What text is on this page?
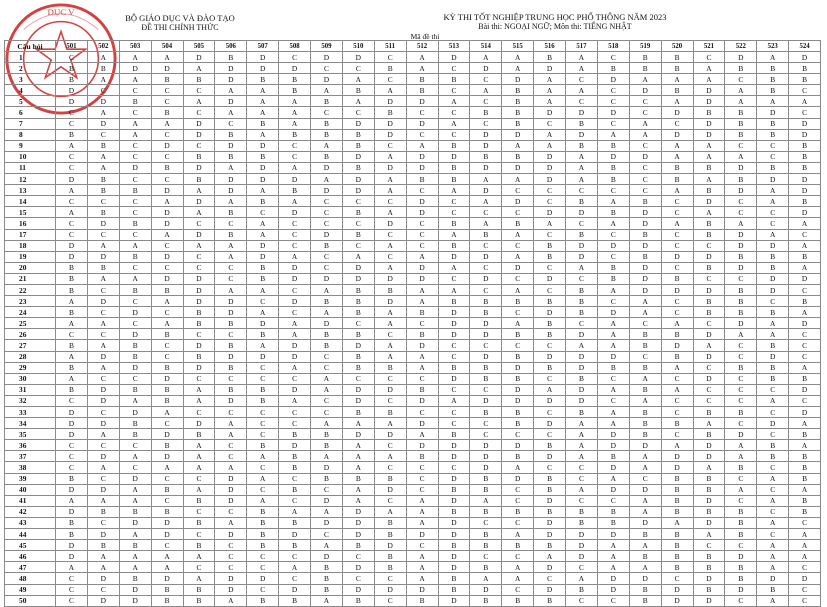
DỤC V
BỘ GIÁO DỤC VÀ ĐÀO TẠO
ĐỀ THI CHÍNH THỨC
KỲ THI TỐT NGHIỆP TRUNG HỌC PHỔ THÔNG NĂM 2023
Bài thi: NGOẠI NGỮ; Môn thi: TIẾNG NHẬT
Mã đề thi
Câu hỏi	501	502	503	504	505	506	507	508	509	510	511	512	513	514	515	516	517	518	519	520	521	522	523	524
1	C	A	A	A	D	B	D	C	D	D	C	A	D	A	A	B	A	C	B	B	C	D	A	D
2	B	B	D	D	A	D	D	D	C	C	B	A	C	D	A	D	A	B	B	B	A	B	B	B
3	B	A	A	B	B	D	B	B	D	A	C	B	B	C	D	A	C	D	A	A	A	C	B	B
4	D	C	C	C	C	A	A	B	A	B	A	B	C	A	B	A	A	C	D	B	D	A	B	C
5	D	D	B	C	A	D	A	A	B	A	D	D	A	C	B	A	C	C	C	A	D	A	A	A
6	C	A	C	B	C	A	A	A	C	C	B	C	C	B	B	D	D	D	C	D	B	B	D	C
7	C	D	A	A	D	C	B	A	B	D	D	D	A	C	B	C	B	C	A	C	D	B	B	D
8	B	C	A	C	D	B	A	B	B	B	D	C	C	D	D	A	D	A	A	D	D	B	B	D
9	A	B	C	D	C	D	D	C	A	B	C	A	B	D	A	A	B	B	C	A	A	C	C	B
10	C	A	C	C	B	B	B	C	B	D	A	D	D	B	B	D	A	D	D	A	A	A	C	B
11	C	A	D	B	D	A	D	A	D	B	D	D	B	D	D	D	A	B	C	B	B	D	B	B
12	D	B	C	C	B	D	D	D	A	D	A	B	B	A	A	D	A	B	C	B	A	B	D	D
13	A	B	B	D	A	D	A	B	D	D	A	C	A	D	C	C	C	C	C	A	B	D	A	D
14	C	C	C	A	D	A	B	A	C	C	C	D	C	A	D	C	B	A	B	C	D	C	A	B
15	A	B	C	D	A	B	C	D	C	B	A	D	C	C	C	D	D	B	D	C	A	C	C	D
16	C	D	B	D	C	C	A	C	C	C	D	C	B	A	B	A	C	A	D	A	B	A	C	A
17	C	C	C	A	D	B	A	C	D	B	C	C	A	B	A	C	B	C	B	C	B	D	A	C
18	D	A	A	C	A	A	D	C	B	C	A	C	B	C	C	B	D	D	D	C	C	D	D	A
19	D	D	B	D	C	A	D	A	C	A	C	A	D	D	A	B	D	C	B	D	D	B	B	B
20	B	B	C	C	C	C	B	D	C	D	A	D	A	C	D	C	A	B	D	C	B	D	B	A
21	B	A	A	D	D	C	B	D	D	D	D	D	C	D	C	D	C	B	D	B	C	C	D	D
22	B	C	B	B	D	A	A	C	A	B	B	A	A	C	A	C	B	A	D	D	D	B	D	C
23	A	D	C	A	D	D	C	D	B	B	D	A	B	B	B	B	B	C	A	C	B	B	C	B
24	B	C	D	C	B	D	A	C	A	B	A	B	D	B	C	D	B	D	A	C	B	B	B	A
25	A	A	C	A	B	B	D	A	D	C	A	C	D	D	A	B	C	A	C	A	C	D	A	D
26	C	C	D	B	C	C	B	A	B	B	C	B	D	D	B	B	D	A	B	B	D	A	A	C
27	B	A	B	C	D	B	A	D	B	D	A	D	C	C	C	C	A	A	B	D	A	C	B	C
28	A	D	B	C	B	D	D	D	C	B	A	A	C	D	B	D	D	D	C	B	D	C	D	C
29	B	A	D	B	D	B	C	A	C	B	B	A	B	B	D	B	D	B	B	A	C	B	B	A
30	A	C	C	D	C	C	C	C	A	C	C	C	D	B	B	C	B	C	A	C	D	C	B	B
31	B	D	B	B	A	B	B	D	A	D	D	B	C	C	D	A	D	A	B	A	C	C	C	D
32	C	D	A	B	A	D	B	A	C	D	C	D	A	D	D	D	D	C	A	C	C	C	A	C
33	D	C	D	A	C	C	C	C	C	B	B	C	C	B	B	C	B	A	B	C	B	B	C	D
34	D	D	B	C	D	A	C	C	A	A	A	D	C	C	B	D	A	A	B	B	A	C	D	A
35	D	A	B	D	B	A	C	B	B	D	D	A	B	C	C	C	A	D	B	C	B	D	C	B
36	C	C	C	B	A	C	B	D	B	A	C	D	D	D	D	B	A	D	D	A	D	A	B	A
37	C	D	A	D	A	C	A	B	A	A	A	B	D	D	B	D	A	B	A	D	D	A	B	B
38	C	A	C	A	A	A	C	B	D	A	C	C	C	D	A	C	C	D	A	D	A	B	C	B
39	B	C	D	C	C	D	A	C	B	B	B	C	D	B	D	B	C	A	C	B	B	C	A	B
40	D	D	A	B	A	D	C	B	C	A	D	C	B	B	C	B	A	D	D	B	B	A	C	A
41	A	A	A	C	B	D	A	C	D	A	C	A	D	A	C	D	C	C	A	B	D	C	A	B
42	D	B	B	B	C	C	B	A	A	D	A	A	B	B	B	B	B	B	A	B	B	B	C	B
43	B	C	D	D	B	A	B	B	D	D	B	A	D	C	C	D	B	B	D	A	D	B	A	C
44	B	D	A	D	C	D	B	D	C	D	B	D	D	B	A	D	D	D	B	B	A	B	C	A
45	D	B	B	C	B	C	B	B	A	B	D	C	B	B	B	B	D	A	A	B	C	C	A	A
46	D	A	A	A	A	C	C	C	D	C	B	A	D	C	C	A	D	A	B	B	B	D	A	A
47	A	A	A	A	C	C	C	A	B	D	B	A	D	B	A	D	C	A	A	B	B	B	A	C
48	C	D	B	D	A	D	D	C	B	C	C	A	B	A	A	C	A	D	D	C	D	B	D	D
49	C	C	D	B	B	D	C	D	B	D	D	D	B	D	C	D	B	D	B	D	B	D	B	C
50	C	D	D	B	B	A	B	B	A	B	C	B	D	B	B	B	C	C	B	D	D	C	A	C
